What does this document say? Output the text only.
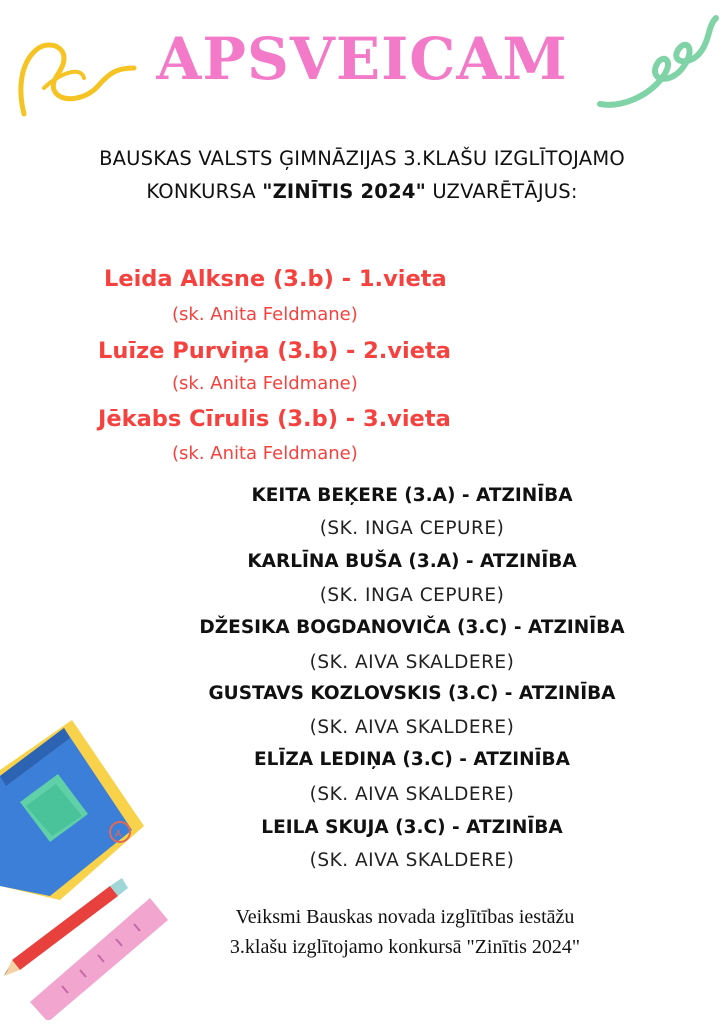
APSVEICAM
BAUSKAS VALSTS ĢIMNĀZIJAS 3.KLAŠU IZGLĪTOJAMO
KONKURSA "ZINĪTIS 2024" UZVARĒTĀJUS:
Leida Alksne (3.b) - 1.vieta
(sk. Anita Feldmane)
Luīze Purviņa (3.b) - 2.vieta
(sk. Anita Feldmane)
Jēkabs Cīrulis (3.b) - 3.vieta
(sk. Anita Feldmane)
KEITA BEĶERE (3.A) - ATZINĪBA
(SK. INGA CEPURE)
KARLĪNA BUŠA (3.A) - ATZINĪBA
(SK. INGA CEPURE)
DŽESIKA BOGDANOVIČA (3.C) - ATZINĪBA
(SK. AIVA SKALDERE)
GUSTAVS KOZLOVSKIS (3.C) - ATZINĪBA
(SK. AIVA SKALDERE)
ELĪZA LEDIŅA (3.C) - ATZINĪBA
(SK. AIVA SKALDERE)
LEILA SKUJA (3.C) - ATZINĪBA
(SK. AIVA SKALDERE)
Veiksmi Bauskas novada izglītības iestāžu
3.klašu izglītojamo konkursā "Zinītis 2024"
A
